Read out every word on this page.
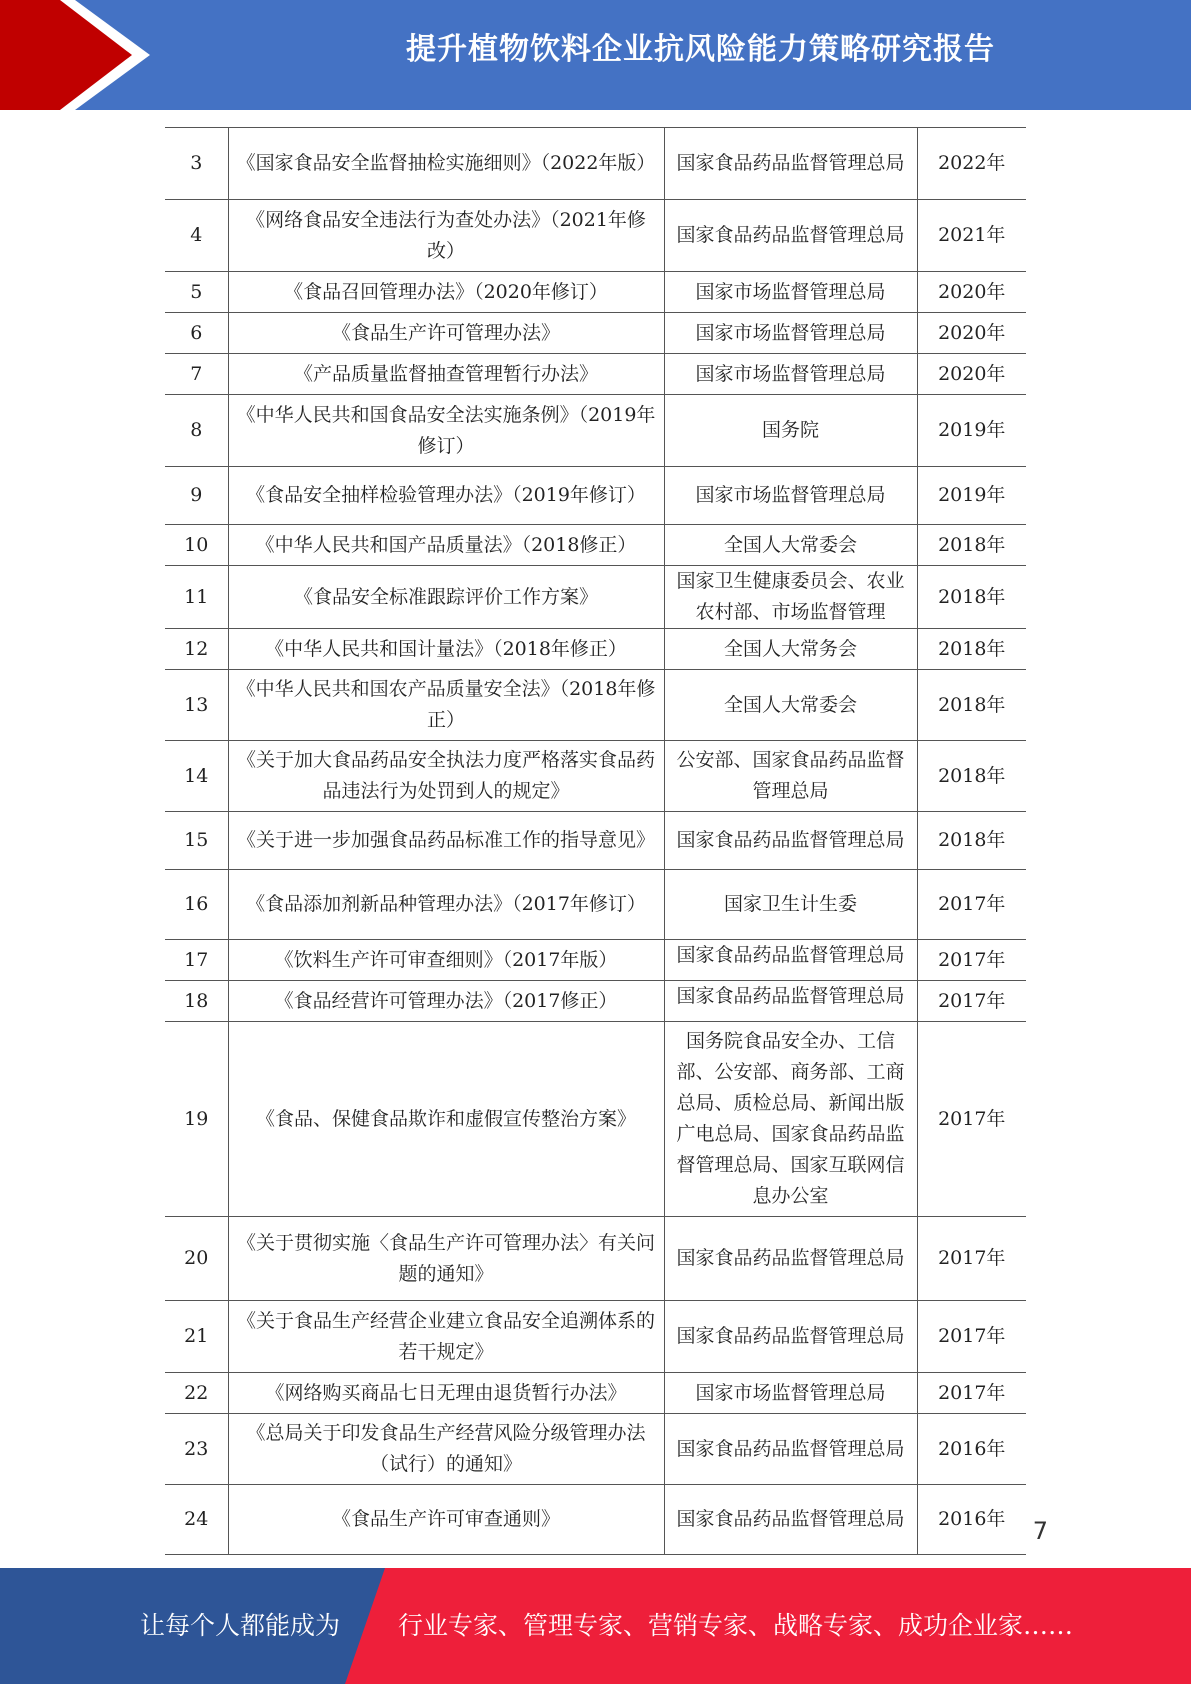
提升植物饮料企业抗风险能力策略研究报告
3	《国家食品安全监督抽检实施细则》（2022年版）	国家食品药品监督管理总局	2022年
4	《网络食品安全违法行为查处办法》（2021年修改）	国家食品药品监督管理总局	2021年
5	《食品召回管理办法》（2020年修订）	国家市场监督管理总局	2020年
6	《食品生产许可管理办法》	国家市场监督管理总局	2020年
7	《产品质量监督抽查管理暂行办法》	国家市场监督管理总局	2020年
8	《中华人民共和国食品安全法实施条例》（2019年修订）	国务院	2019年
9	《食品安全抽样检验管理办法》（2019年修订）	国家市场监督管理总局	2019年
10	《中华人民共和国产品质量法》（2018修正）	全国人大常委会	2018年
11	《食品安全标准跟踪评价工作方案》	国家卫生健康委员会、农业农村部、市场监督管理	2018年
12	《中华人民共和国计量法》（2018年修正）	全国人大常务会	2018年
13	《中华人民共和国农产品质量安全法》（2018年修正）	全国人大常委会	2018年
14	《关于加大食品药品安全执法力度严格落实食品药品违法行为处罚到人的规定》	公安部、国家食品药品监督管理总局	2018年
15	《关于进一步加强食品药品标准工作的指导意见》	国家食品药品监督管理总局	2018年
16	《食品添加剂新品种管理办法》（2017年修订）	国家卫生计生委	2017年
17	《饮料生产许可审查细则》（2017年版）	国家食品药品监督管理总局	2017年
18	《食品经营许可管理办法》（2017修正）	国家食品药品监督管理总局	2017年
19	《食品、保健食品欺诈和虚假宣传整治方案》	国务院食品安全办、工信部、公安部、商务部、工商总局、质检总局、新闻出版广电总局、国家食品药品监督管理总局、国家互联网信息办公室	2017年
20	《关于贯彻实施〈食品生产许可管理办法〉有关问题的通知》	国家食品药品监督管理总局	2017年
21	《关于食品生产经营企业建立食品安全追溯体系的若干规定》	国家食品药品监督管理总局	2017年
22	《网络购买商品七日无理由退货暂行办法》	国家市场监督管理总局	2017年
23	《总局关于印发食品生产经营风险分级管理办法（试行）的通知》	国家食品药品监督管理总局	2016年
24	《食品生产许可审查通则》	国家食品药品监督管理总局	2016年 7
让每个人都能成为 行业专家、管理专家、营销专家、战略专家、成功企业家……
